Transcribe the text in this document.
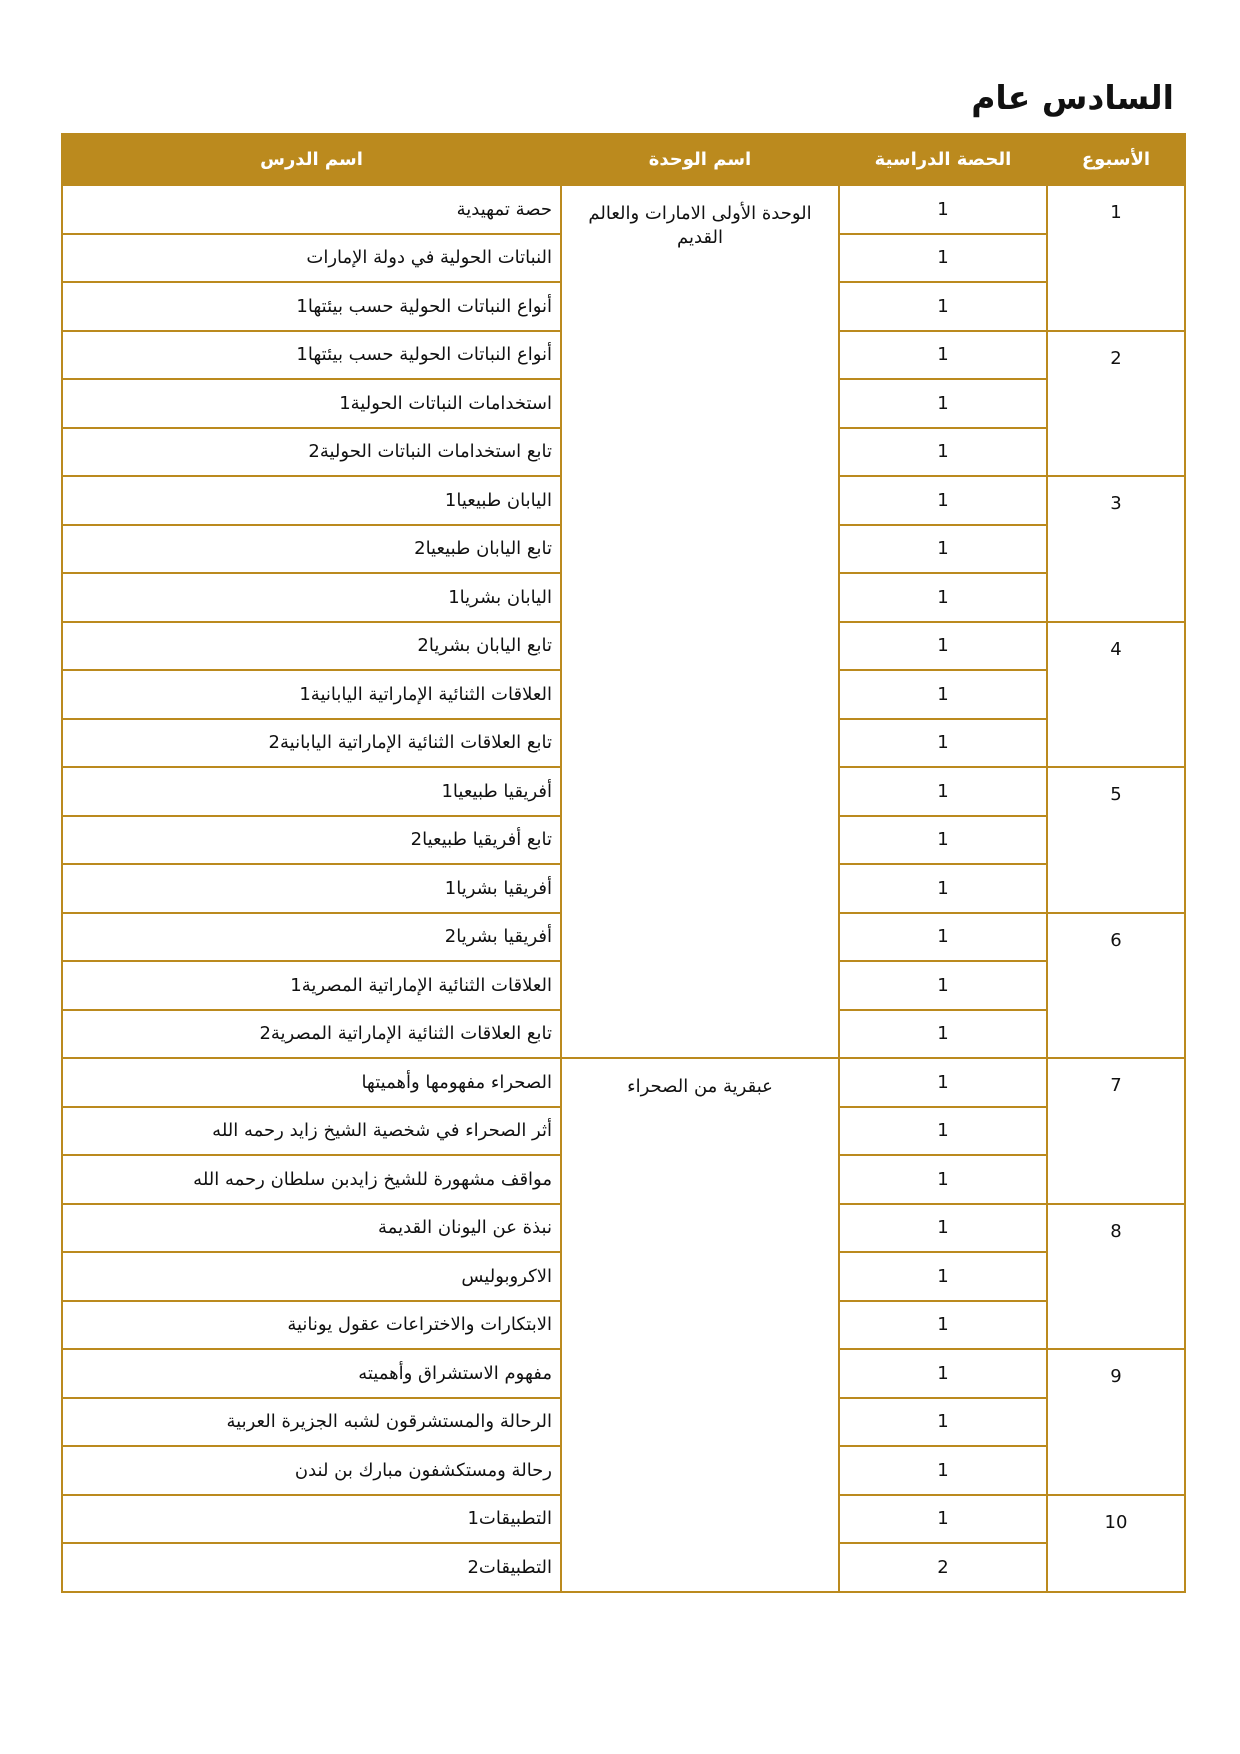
السادس عام
الأسبوع	الحصة الدراسية	اسم الوحدة	اسم الدرس
1	1	الوحدة الأولى الامارات والعالم القديم	حصة تمهيدية
	1		النباتات الحولية في دولة الإمارات
	1		أنواع النباتات الحولية حسب بيئتها1
2	1		أنواع النباتات الحولية حسب بيئتها1
	1		استخدامات النباتات الحولية1
	1		تابع استخدامات النباتات الحولية2
3	1		اليابان طبيعيا1
	1		تابع اليابان طبيعيا2
	1		اليابان بشريا1
4	1		تابع اليابان بشريا2
	1		العلاقات الثنائية الإماراتية اليابانية1
	1		تابع العلاقات الثنائية الإماراتية اليابانية2
5	1		أفريقيا طبيعيا1
	1		تابع أفريقيا طبيعيا2
	1		أفريقيا بشريا1
6	1		أفريقيا بشريا2
	1		العلاقات الثنائية الإماراتية المصرية1
	1		تابع العلاقات الثنائية الإماراتية المصرية2
7	1	عبقرية من الصحراء	الصحراء مفهومها وأهميتها
	1		أثر الصحراء في شخصية الشيخ زايد رحمه الله
	1		مواقف مشهورة للشيخ زايدبن سلطان رحمه الله
8	1		نبذة عن اليونان القديمة
	1		الاكروبوليس
	1		الابتكارات والاختراعات عقول يونانية
9	1		مفهوم الاستشراق وأهميته
	1		الرحالة والمستشرقون لشبه الجزيرة العربية
	1		رحالة ومستكشفون مبارك بن لندن
10	1		التطبيقات1
	2		التطبيقات2
